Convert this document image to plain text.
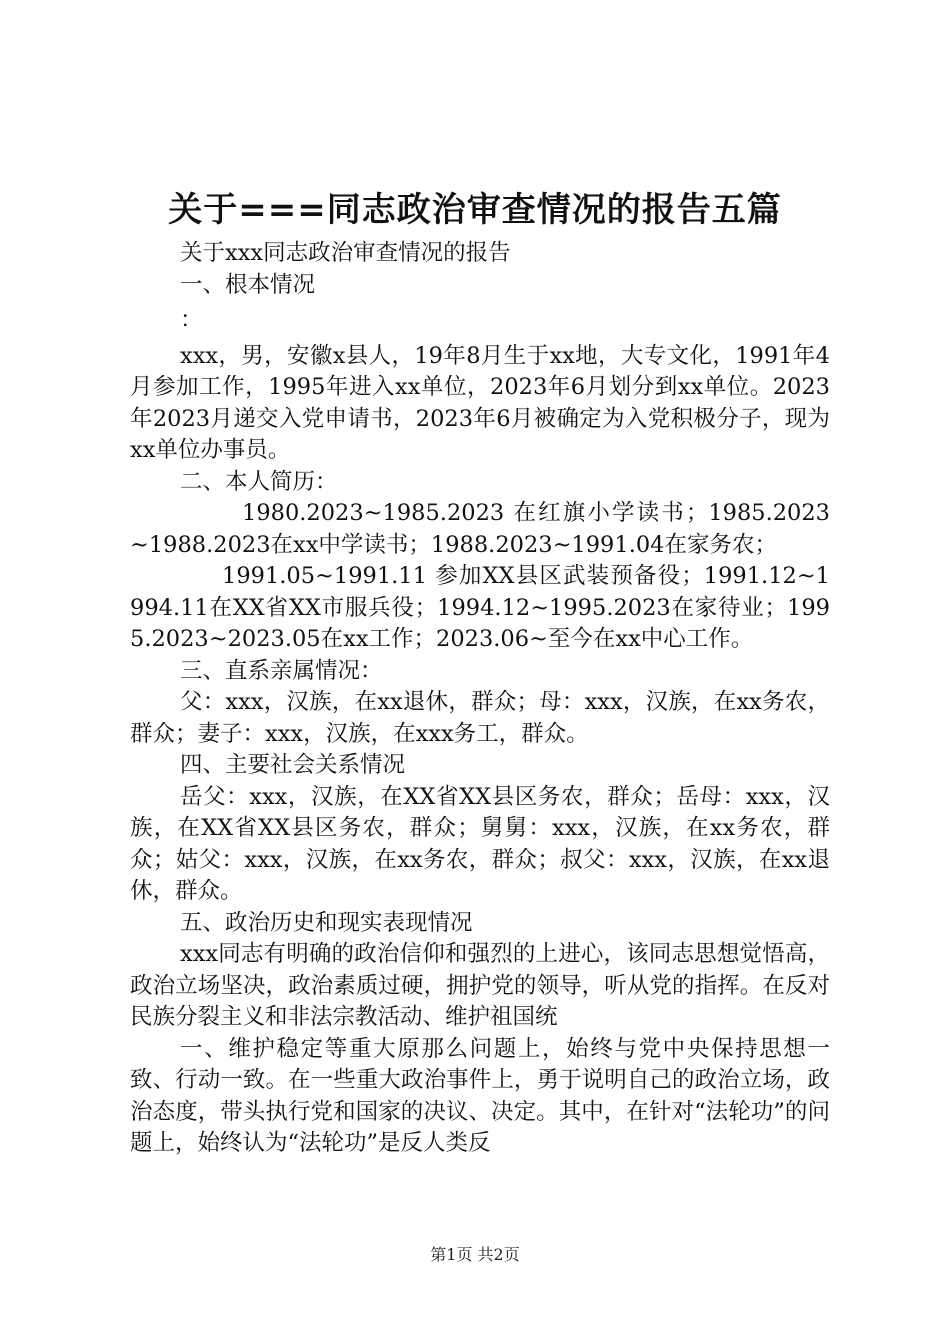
关于===同志政治审查情况的报告五篇

关于xxx同志政治审查情况的报告

一、根本情况

：

xxx，男，安徽x县人，19年8月生于xx地，大专文化，1991年4月参加工作，1995年进入xx单位，2023年6月划分到xx单位。2023年2023月递交入党申请书，2023年6月被确定为入党积极分子，现为xx单位办事员。

二、本人简历：

1980.2023~1985.2023 在红旗小学读书；1985.2023~1988.2023在xx中学读书；1988.2023~1991.04在家务农；

1991.05~1991.11 参加XX县区武装预备役；1991.12~1994.11在XX省XX市服兵役；1994.12~1995.2023在家待业；1995.2023~2023.05在xx工作；2023.06~至今在xx中心工作。

三、直系亲属情况：

父：xxx，汉族，在xx退休，群众；母：xxx，汉族，在xx务农，群众；妻子：xxx，汉族，在xxx务工，群众。

四、主要社会关系情况

岳父：xxx，汉族，在XX省XX县区务农，群众；岳母：xxx，汉族，在XX省XX县区务农，群众；舅舅：xxx，汉族，在xx务农，群众；姑父：xxx，汉族，在xx务农，群众；叔父：xxx，汉族，在xx退休，群众。

五、政治历史和现实表现情况

xxx同志有明确的政治信仰和强烈的上进心，该同志思想觉悟高，政治立场坚决，政治素质过硬，拥护党的领导，听从党的指挥。在反对民族分裂主义和非法宗教活动、维护祖国统

一、维护稳定等重大原那么问题上，始终与党中央保持思想一致、行动一致。在一些重大政治事件上，勇于说明自己的政治立场，政治态度，带头执行党和国家的决议、决定。其中，在针对“法轮功”的问题上，始终认为“法轮功”是反人类反

第1页 共2页
